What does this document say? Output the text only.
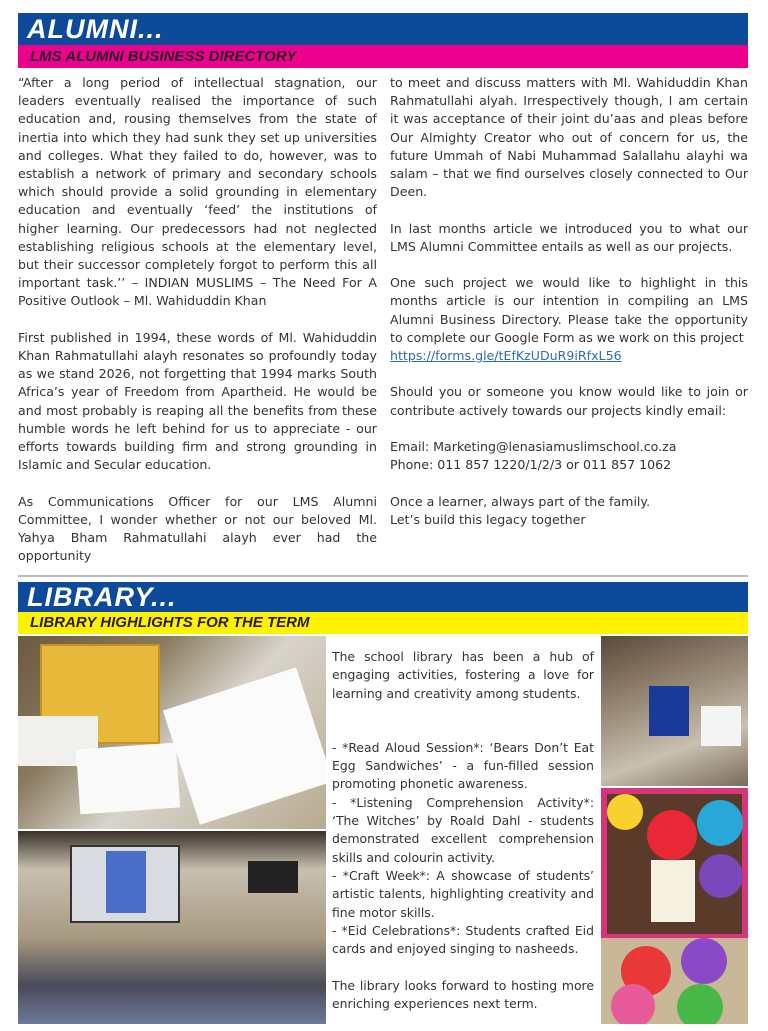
ALUMNI...
LMS ALUMNI BUSINESS DIRECTORY

“After a long period of intellectual stagnation, our leaders eventually realised the importance of such education and, rousing themselves from the state of inertia into which they had sunk they set up universities and colleges. What they failed to do, however, was to establish a network of primary and secondary schools which should provide a solid grounding in elementary education and eventually ‘feed’ the institutions of higher learning. Our predecessors had not neglected establishing religious schools at the elementary level, but their successor completely forgot to perform this all important task.’’ – INDIAN MUSLIMS – The Need For A Positive Outlook – Ml. Wahiduddin Khan

First published in 1994, these words of Ml. Wahiduddin Khan Rahmatullahi alayh resonates so profoundly today as we stand 2026, not forgetting that 1994 marks South Africa’s year of Freedom from Apartheid. He would be and most probably is reaping all the benefits from these humble words he left behind for us to appreciate - our efforts towards building firm and strong grounding in Islamic and Secular education.

As Communications Officer for our LMS Alumni Committee, I wonder whether or not our beloved Ml. Yahya Bham Rahmatullahi alayh ever had the opportunity

to meet and discuss matters with Ml. Wahiduddin Khan Rahmatullahi alyah. Irrespectively though, I am certain it was acceptance of their joint du’aas and pleas before Our Almighty Creator who out of concern for us, the future Ummah of Nabi Muhammad Salallahu alayhi wa salam – that we find ourselves closely connected to Our Deen.

In last months article we introduced you to what our LMS Alumni Committee entails as well as our projects.

One such project we would like to highlight in this months article is our intention in compiling an LMS Alumni Business Directory. Please take the opportunity to complete our Google Form as we work on this project

https://forms.gle/tEfKzUDuR9iRfxL56

Should you or someone you know would like to join or contribute actively towards our projects kindly email:

Email: Marketing@lenasiamuslimschool.co.za

Phone: 011 857 1220/1/2/3 or 011 857 1062

Once a learner, always part of the family.

Let’s build this legacy together

LIBRARY...
LIBRARY HIGHLIGHTS FOR THE TERM

The school library has been a hub of engaging activities, fostering a love for learning and creativity among students.

- *Read Aloud Session*: ‘Bears Don’t Eat Egg Sandwiches’ - a fun-filled session promoting phonetic awareness.

- *Listening Comprehension Activity*: ‘The Witches’ by Roald Dahl - students demonstrated excellent comprehension skills and colourin activity.

- *Craft Week*: A showcase of students’ artistic talents, highlighting creativity and fine motor skills.

- *Eid Celebrations*: Students crafted Eid cards and enjoyed singing to nasheeds.

The library looks forward to hosting more enriching experiences next term.
